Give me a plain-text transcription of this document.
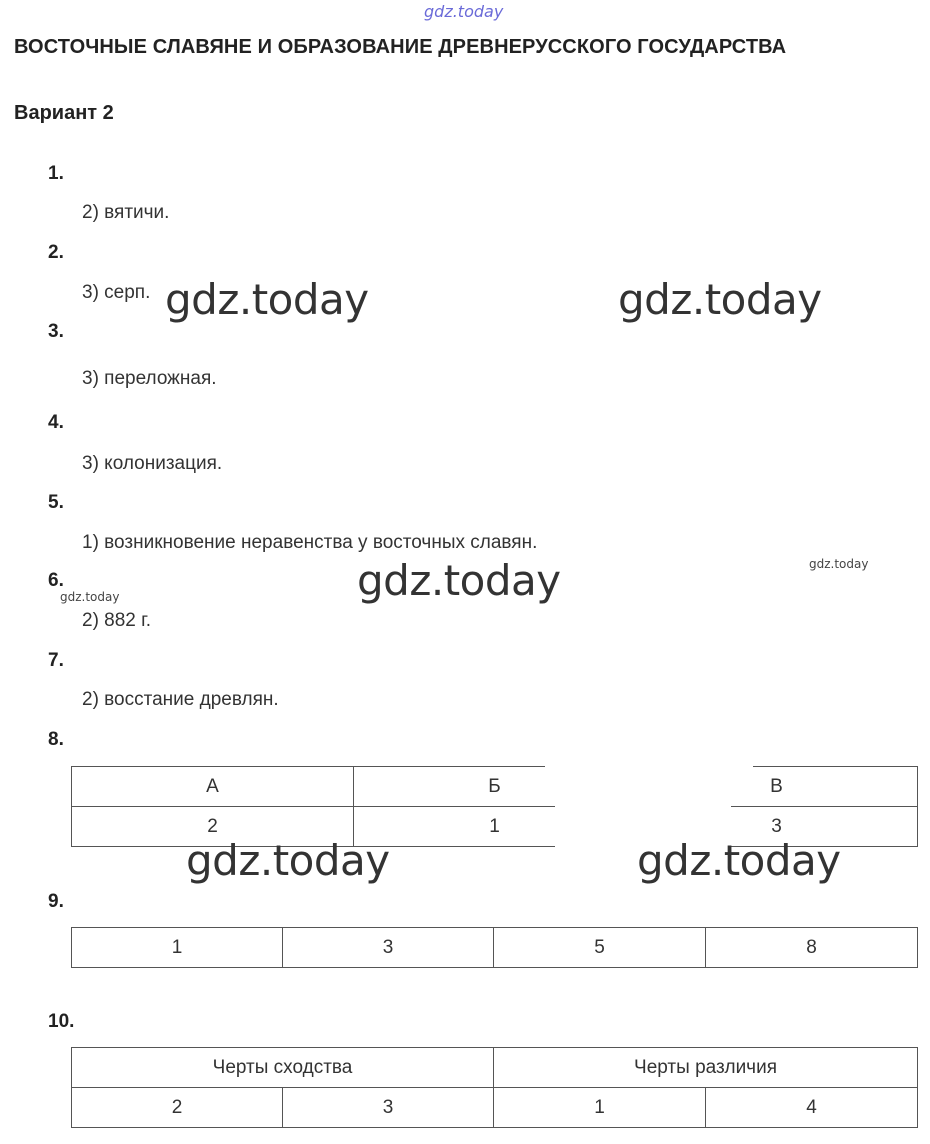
gdz.today
ВОСТОЧНЫЕ СЛАВЯНЕ И ОБРАЗОВАНИЕ ДРЕВНЕРУССКОГО ГОСУДАРСТВА
Вариант 2
1.
2) вятичи.
2.
3) серп.
3.
3) переложная.
4.
3) колонизация.
5.
1) возникновение неравенства у восточных славян.
6.
2) 882 г.
7.
2) восстание древлян.
8.
А	Б	В
2	1	3
9.
1	3	5	8
10.
Черты сходства		Черты различия	
2	3	1	4
gdz.today	gdz.today
gdz.today	gdz.today
gdz.today
gdz.today	gdz.today
